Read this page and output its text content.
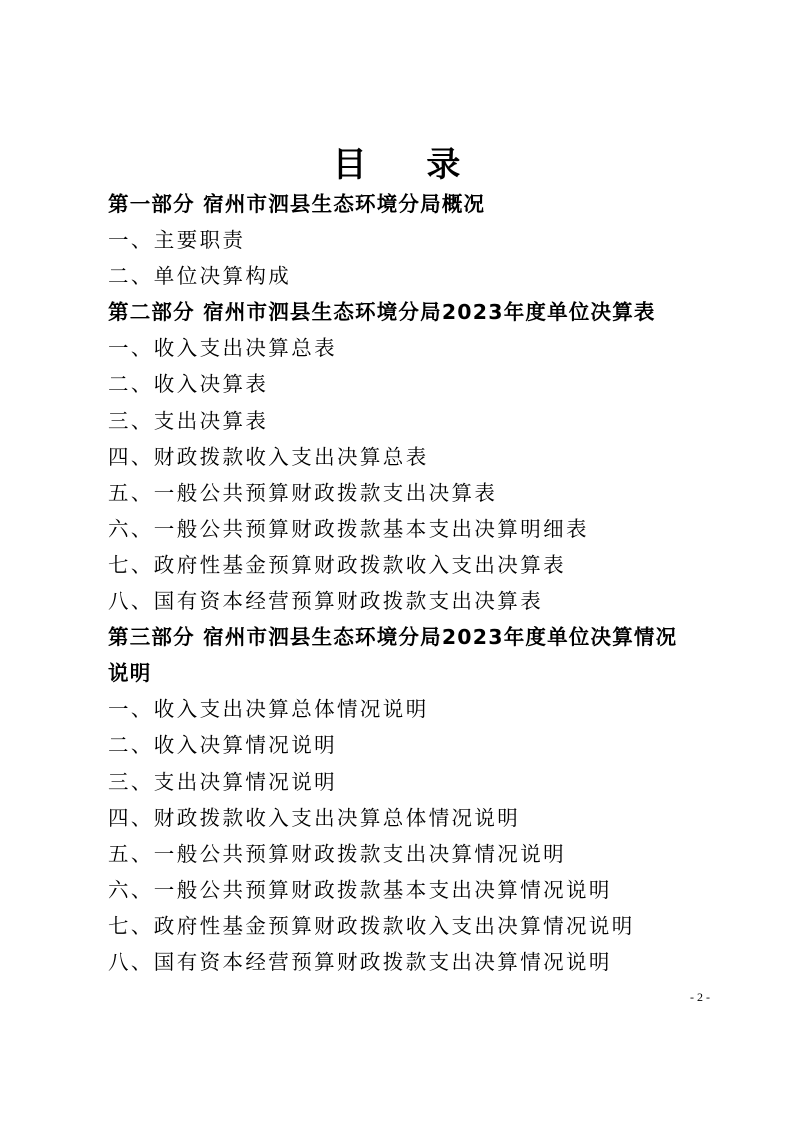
目 录
第一部分 宿州市泗县生态环境分局概况
一、主要职责
二、单位决算构成
第二部分 宿州市泗县生态环境分局2023年度单位决算表
一、收入支出决算总表
二、收入决算表
三、支出决算表
四、财政拨款收入支出决算总表
五、一般公共预算财政拨款支出决算表
六、一般公共预算财政拨款基本支出决算明细表
七、政府性基金预算财政拨款收入支出决算表
八、国有资本经营预算财政拨款支出决算表
第三部分 宿州市泗县生态环境分局2023年度单位决算情况说明
一、收入支出决算总体情况说明
二、收入决算情况说明
三、支出决算情况说明
四、财政拨款收入支出决算总体情况说明
五、一般公共预算财政拨款支出决算情况说明
六、一般公共预算财政拨款基本支出决算情况说明
七、政府性基金预算财政拨款收入支出决算情况说明
八、国有资本经营预算财政拨款支出决算情况说明
- 2 -
